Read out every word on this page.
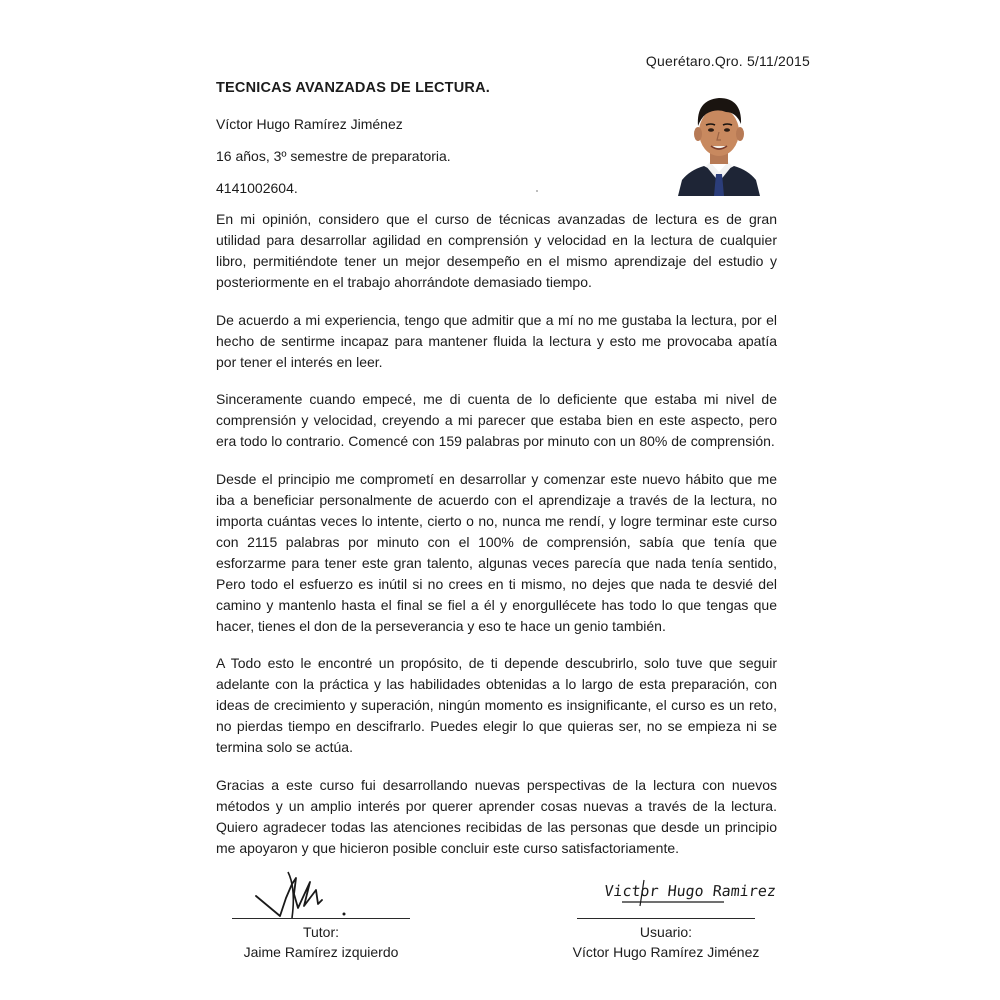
Querétaro.Qro. 5/11/2015
TECNICAS AVANZADAS DE LECTURA.
Víctor Hugo Ramírez Jiménez
16 años, 3º semestre de preparatoria.
4141002604.

En mi opinión, considero que el curso de técnicas avanzadas de lectura es de gran utilidad para desarrollar agilidad en comprensión y velocidad en la lectura de cualquier libro, permitiéndote tener un mejor desempeño en el mismo aprendizaje del estudio y posteriormente en el trabajo ahorrándote demasiado tiempo.

De acuerdo a mi experiencia, tengo que admitir que a mí no me gustaba la lectura, por el hecho de sentirme incapaz para mantener fluida la lectura y esto me provocaba apatía por tener el interés en leer.

Sinceramente cuando empecé, me di cuenta de lo deficiente que estaba mi nivel de comprensión y velocidad, creyendo a mi parecer que estaba bien en este aspecto, pero era todo lo contrario. Comencé con 159 palabras por minuto con un 80% de comprensión.

Desde el principio me comprometí en desarrollar y comenzar este nuevo hábito que me iba a beneficiar personalmente de acuerdo con el aprendizaje a través de la lectura, no importa cuántas veces lo intente, cierto o no, nunca me rendí, y logre terminar este curso con 2115 palabras por minuto con el 100% de comprensión, sabía que tenía que esforzarme para tener este gran talento, algunas veces parecía que nada tenía sentido, Pero todo el esfuerzo es inútil si no crees en ti mismo, no dejes que nada te desvié del camino y mantenlo hasta el final se fiel a él y enorgullécete has todo lo que tengas que hacer, tienes el don de la perseverancia y eso te hace un genio también.

A Todo esto le encontré un propósito, de ti depende descubrirlo, solo tuve que seguir adelante con la práctica y las habilidades obtenidas a lo largo de esta preparación, con ideas de crecimiento y superación, ningún momento es insignificante, el curso es un reto, no pierdas tiempo en descifrarlo. Puedes elegir lo que quieras ser, no se empieza ni se termina solo se actúa.

Gracias a este curso fui desarrollando nuevas perspectivas de la lectura con nuevos métodos y un amplio interés por querer aprender cosas nuevas a través de la lectura. Quiero agradecer todas las atenciones recibidas de las personas que desde un principio me apoyaron y que hicieron posible concluir este curso satisfactoriamente.

Tutor:
Jaime Ramírez izquierdo
Victor Hugo Ramirez
Usuario:
Víctor Hugo Ramírez Jiménez
